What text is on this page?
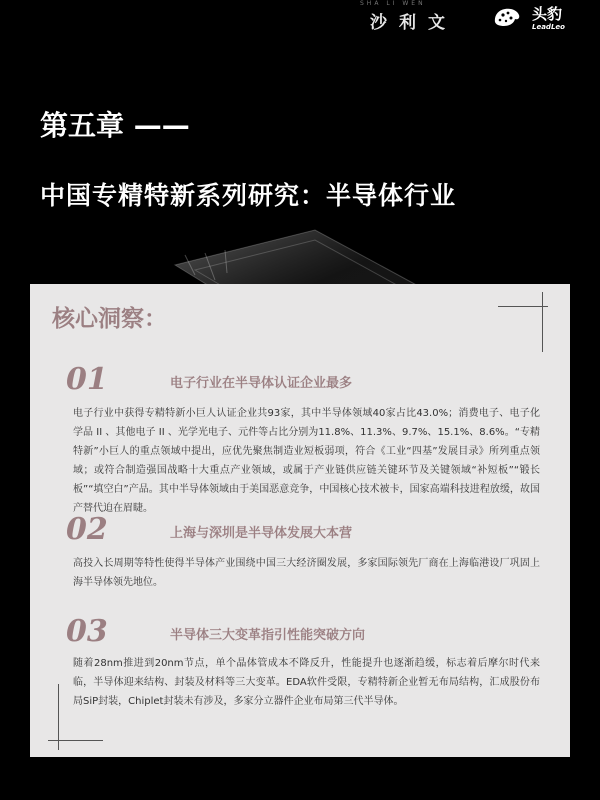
SHA LI WEN
沙利文	头豹
LeadLeo
第五章 ——
中国专精特新系列研究：半导体行业
核心洞察：
01	电子行业在半导体认证企业最多
电子行业中获得专精特新小巨人认证企业共93家，其中半导体领域40家占比43.0%；消费电子、电子化学品 II 、其他电子 II 、光学光电子、元件等占比分别为11.8%、11.3%、9.7%、15.1%、8.6%。“专精特新”小巨人的重点领域中提出，应优先聚焦制造业短板弱项，符合《工业“四基”发展目录》所列重点领域；或符合制造强国战略十大重点产业领域，或属于产业链供应链关键环节及关键领域“补短板”“锻长板”“填空白”产品。其中半导体领域由于美国恶意竞争，中国核心技术被卡，国家高端科技进程放缓，故国产替代迫在眉睫。
02	上海与深圳是半导体发展大本营
高投入长周期等特性使得半导体产业围绕中国三大经济圈发展，多家国际领先厂商在上海临港设厂巩固上海半导体领先地位。
03	半导体三大变革指引性能突破方向
随着28nm推进到20nm节点，单个晶体管成本不降反升，性能提升也逐渐趋缓，标志着后摩尔时代来临，半导体迎来结构、封装及材料等三大变革。EDA软件受限，专精特新企业暂无布局结构，汇成股份布局SiP封装，Chiplet封装未有涉及，多家分立器件企业布局第三代半导体。
